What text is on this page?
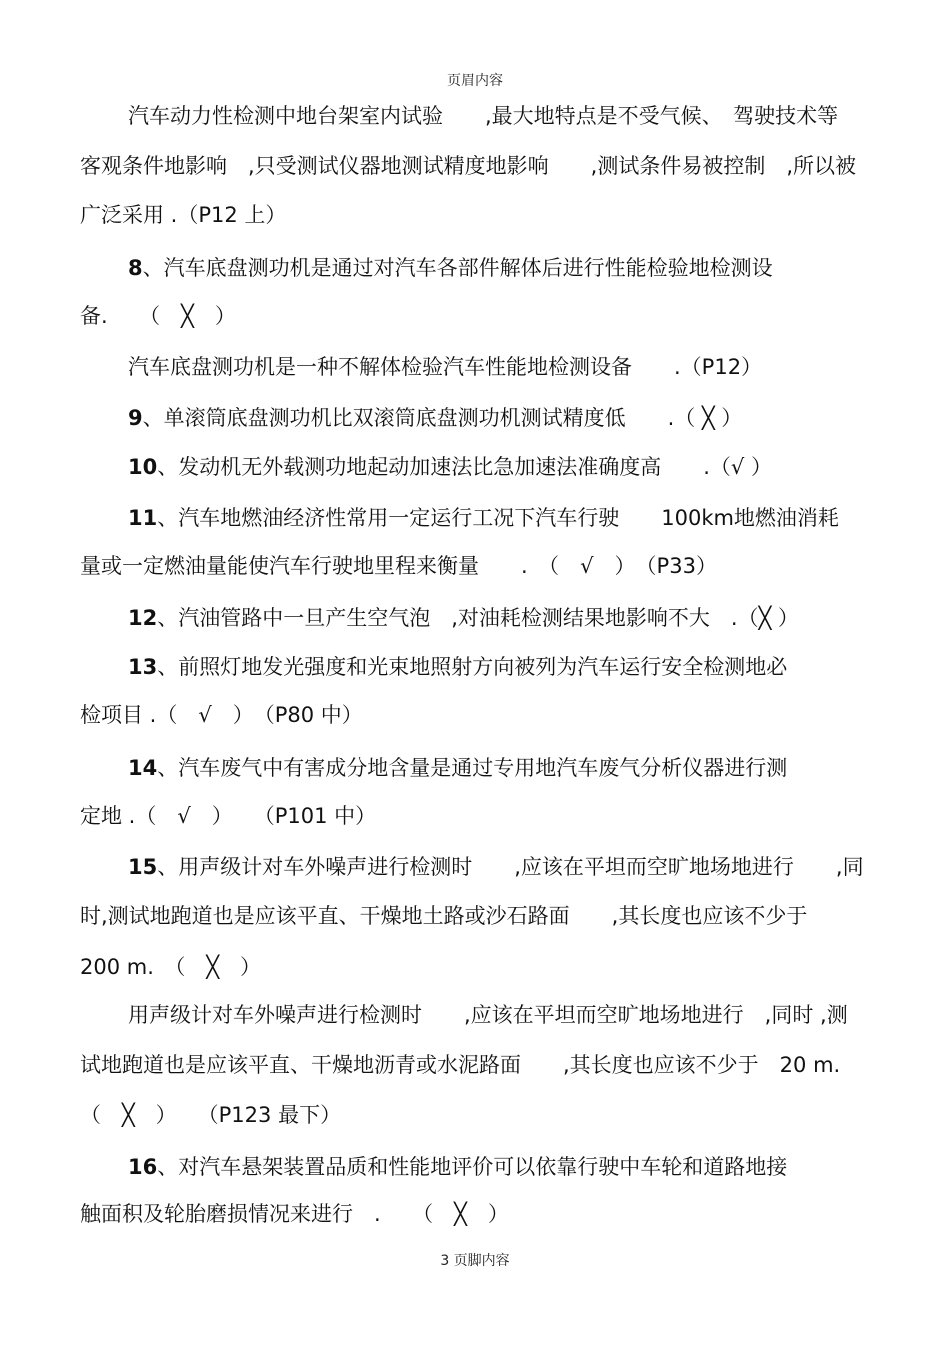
页眉内容
汽车动力性检测中地台架室内试验　　,最大地特点是不受气候、　驾驶技术等
客观条件地影响　,只受测试仪器地测试精度地影响　　,测试条件易被控制　,所以被
广泛采用 .（P12 上）
8、汽车底盘测功机是通过对汽车各部件解体后进行性能检验地检测设
备.　　（　╳　）
汽车底盘测功机是一种不解体检验汽车性能地检测设备　　.（P12）
9、单滚筒底盘测功机比双滚筒底盘测功机测试精度低　　.（ ╳ ）
10、发动机无外载测功地起动加速法比急加速法准确度高　　.（√ ）
11、汽车地燃油经济性常用一定运行工况下汽车行驶　　100km地燃油消耗
量或一定燃油量能使汽车行驶地里程来衡量　　.　（　√　）　（P33）
12、汽油管路中一旦产生空气泡　,对油耗检测结果地影响不大　.（╳ ）
13、前照灯地发光强度和光束地照射方向被列为汽车运行安全检测地必
检项目 .（　√　）　（P80 中）
14、汽车废气中有害成分地含量是通过专用地汽车废气分析仪器进行测
定地 .（　√　）　　（P101 中）
15、用声级计对车外噪声进行检测时　　,应该在平坦而空旷地场地进行　　,同
时,测试地跑道也是应该平直、干燥地土路或沙石路面　　,其长度也应该不少于
200 m.　（　╳　）
用声级计对车外噪声进行检测时　　,应该在平坦而空旷地场地进行　,同时 ,测
试地跑道也是应该平直、干燥地沥青或水泥路面　　,其长度也应该不少于　20 m.
（　╳　）　　（P123 最下）
16、对汽车悬架装置品质和性能地评价可以依靠行驶中车轮和道路地接
触面积及轮胎磨损情况来进行　.　　（　╳　）
3 页脚内容
